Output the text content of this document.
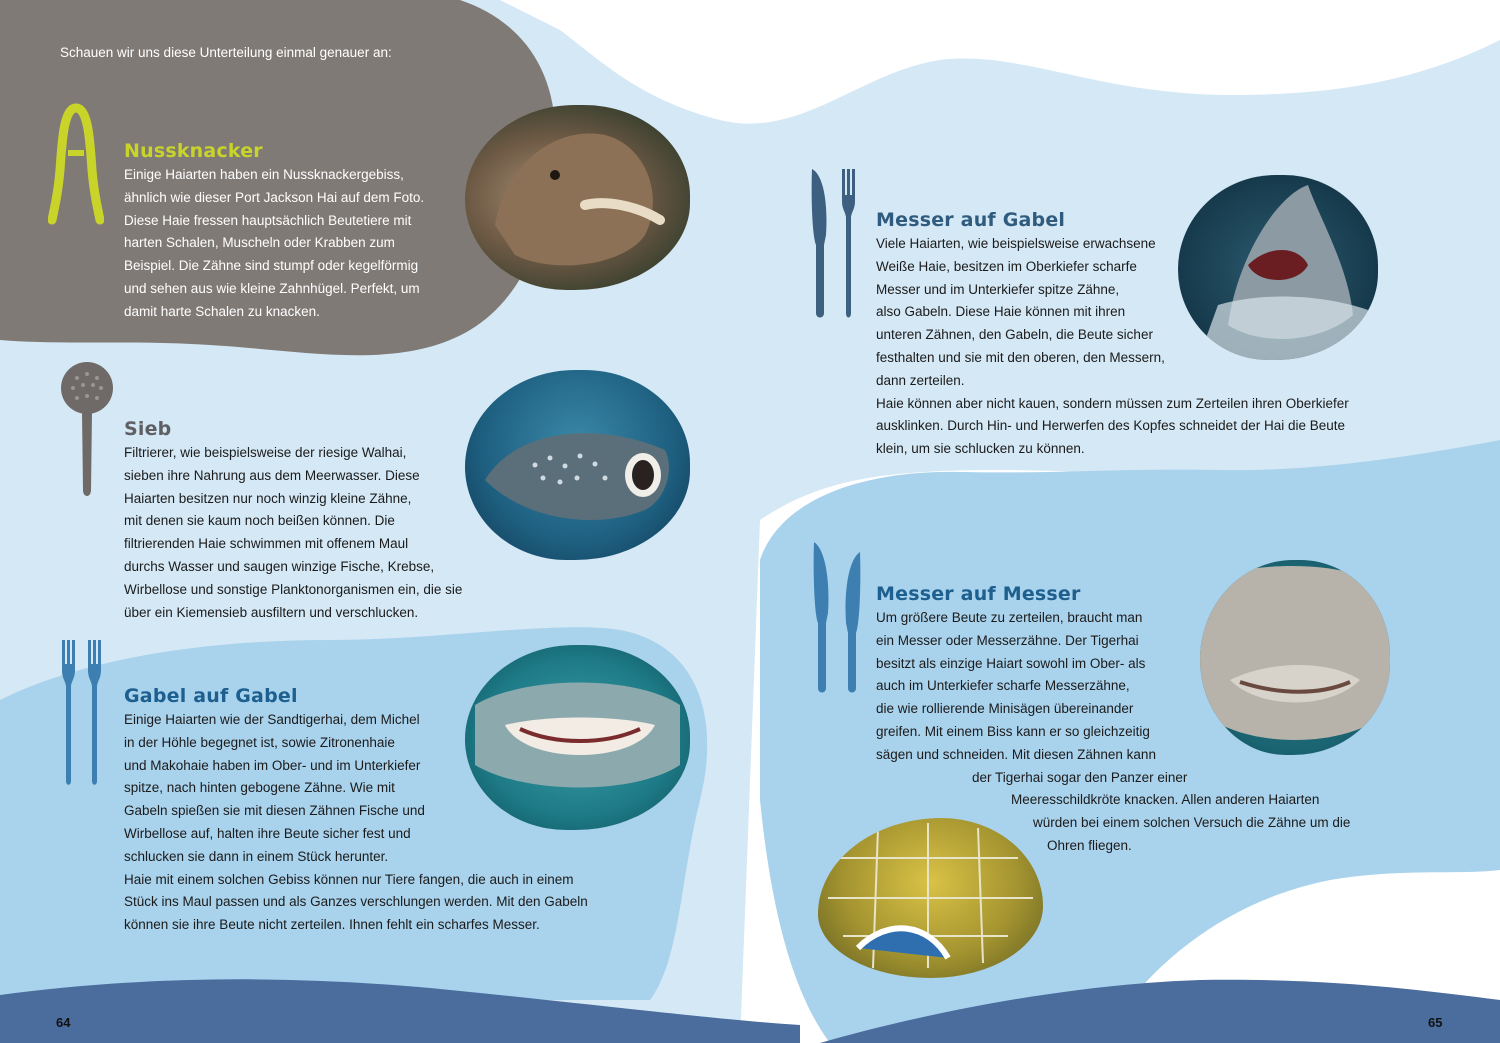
Schauen wir uns diese Unterteilung einmal genauer an:
Nussknacker
Einige Haiarten haben ein Nussknackergebiss,
ähnlich wie dieser Port Jackson Hai auf dem Foto.
Diese Haie fressen hauptsächlich Beutetiere mit
harten Schalen, Muscheln oder Krabben zum
Beispiel. Die Zähne sind stumpf oder kegelförmig
und sehen aus wie kleine Zahnhügel. Perfekt, um
damit harte Schalen zu knacken.
Sieb
Filtrierer, wie beispielsweise der riesige Walhai,
sieben ihre Nahrung aus dem Meerwasser. Diese
Haiarten besitzen nur noch winzig kleine Zähne,
mit denen sie kaum noch beißen können. Die
filtrierenden Haie schwimmen mit offenem Maul
durchs Wasser und saugen winzige Fische, Krebse,
Wirbellose und sonstige Planktonorganismen ein, die sie
über ein Kiemensieb ausfiltern und verschlucken.
Gabel auf Gabel
Einige Haiarten wie der Sandtigerhai, dem Michel
in der Höhle begegnet ist, sowie Zitronenhaie
und Makohaie haben im Ober- und im Unterkiefer
spitze, nach hinten gebogene Zähne. Wie mit
Gabeln spießen sie mit diesen Zähnen Fische und
Wirbellose auf, halten ihre Beute sicher fest und
schlucken sie dann in einem Stück herunter.
Haie mit einem solchen Gebiss können nur Tiere fangen, die auch in einem
Stück ins Maul passen und als Ganzes verschlungen werden. Mit den Gabeln
können sie ihre Beute nicht zerteilen. Ihnen fehlt ein scharfes Messer.
Messer auf Gabel
Viele Haiarten, wie beispielsweise erwachsene
Weiße Haie, besitzen im Oberkiefer scharfe
Messer und im Unterkiefer spitze Zähne,
also Gabeln. Diese Haie können mit ihren
unteren Zähnen, den Gabeln, die Beute sicher
festhalten und sie mit den oberen, den Messern,
dann zerteilen.
Haie können aber nicht kauen, sondern müssen zum Zerteilen ihren Oberkiefer
ausklinken. Durch Hin- und Herwerfen des Kopfes schneidet der Hai die Beute
klein, um sie schlucken zu können.
Messer auf Messer
Um größere Beute zu zerteilen, braucht man
ein Messer oder Messerzähne. Der Tigerhai
besitzt als einzige Haiart sowohl im Ober- als
auch im Unterkiefer scharfe Messerzähne,
die wie rollierende Minisägen übereinander
greifen. Mit einem Biss kann er so gleichzeitig
sägen und schneiden. Mit diesen Zähnen kann
der Tigerhai sogar den Panzer einer
Meeresschildkröte knacken. Allen anderen Haiarten
würden bei einem solchen Versuch die Zähne um die
Ohren fliegen.
64	65
